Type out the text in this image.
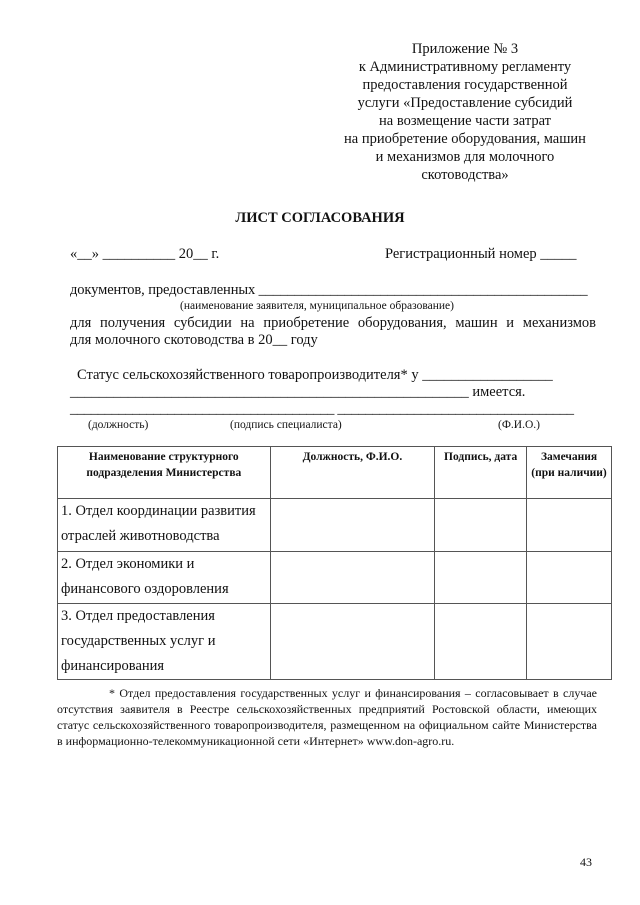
Приложение № 3
к Административному регламенту
предоставления государственной
услуги «Предоставление субсидий
на возмещение части затрат
на приобретение оборудования, машин
и механизмов для молочного
скотоводства»
ЛИСТ СОГЛАСОВАНИЯ
«__» __________ 20__ г.	Регистрационный номер _____
документов, предоставленных ______________________________________________
(наименование заявителя, муниципальное образование)
для получения субсидии на приобретение оборудования, машин и механизмов
для молочного скотоводства в 20__ году
Статус сельскохозяйственного товаропроизводителя* у __________________
_______________________________________________________ имеется.
______________________________________ __________________________________
(должность)	(подпись специалиста)	(Ф.И.О.)
Наименование структурного подразделения Министерства	Должность, Ф.И.О.	Подпись, дата	Замечания (при наличии)
1. Отдел координации развития отраслей животноводства			
2. Отдел экономики и финансового оздоровления			
3. Отдел предоставления государственных услуг и финансирования			
* Отдел предоставления государственных услуг и финансирования – согласовывает в случае отсутствия заявителя в Реестре сельскохозяйственных предприятий Ростовской области, имеющих статус сельскохозяйственного товаропроизводителя, размещенном на официальном сайте Министерства в информационно-телекоммуникационной сети «Интернет» www.don-agro.ru.
43
